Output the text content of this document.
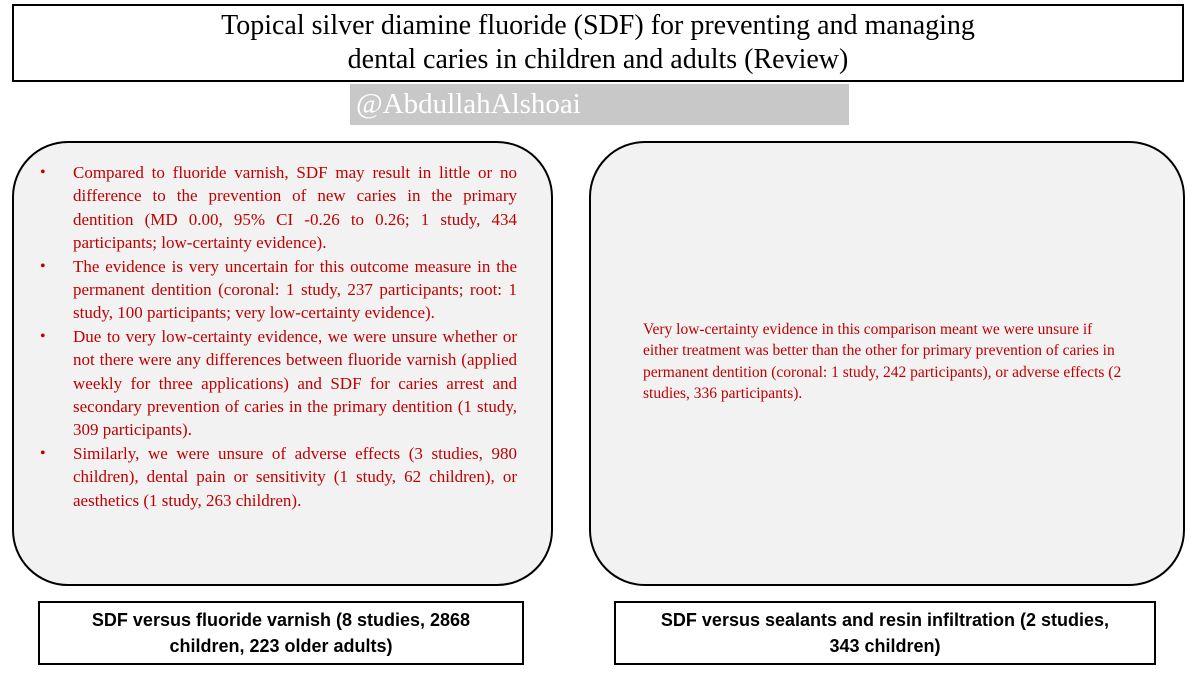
Topical silver diamine fluoride (SDF) for preventing and managing
dental caries in children and adults (Review)
@AbdullahAlshoai
• Compared to fluoride varnish, SDF may result in little or no difference to the prevention of new caries in the primary dentition (MD 0.00, 95% CI -0.26 to 0.26; 1 study, 434 participants; low-certainty evidence).
• The evidence is very uncertain for this outcome measure in the permanent dentition (coronal: 1 study, 237 participants; root: 1 study, 100 participants; very low-certainty evidence).
• Due to very low-certainty evidence, we were unsure whether or not there were any differences between fluoride varnish (applied weekly for three applications) and SDF for caries arrest and secondary prevention of caries in the primary dentition (1 study, 309 participants).
• Similarly, we were unsure of adverse effects (3 studies, 980 children), dental pain or sensitivity (1 study, 62 children), or aesthetics (1 study, 263 children).
Very low-certainty evidence in this comparison meant we were unsure if either treatment was better than the other for primary prevention of caries in permanent dentition (coronal: 1 study, 242 participants), or adverse effects (2 studies, 336 participants).
SDF versus fluoride varnish (8 studies, 2868 children, 223 older adults)
SDF versus sealants and resin infiltration (2 studies, 343 children)
